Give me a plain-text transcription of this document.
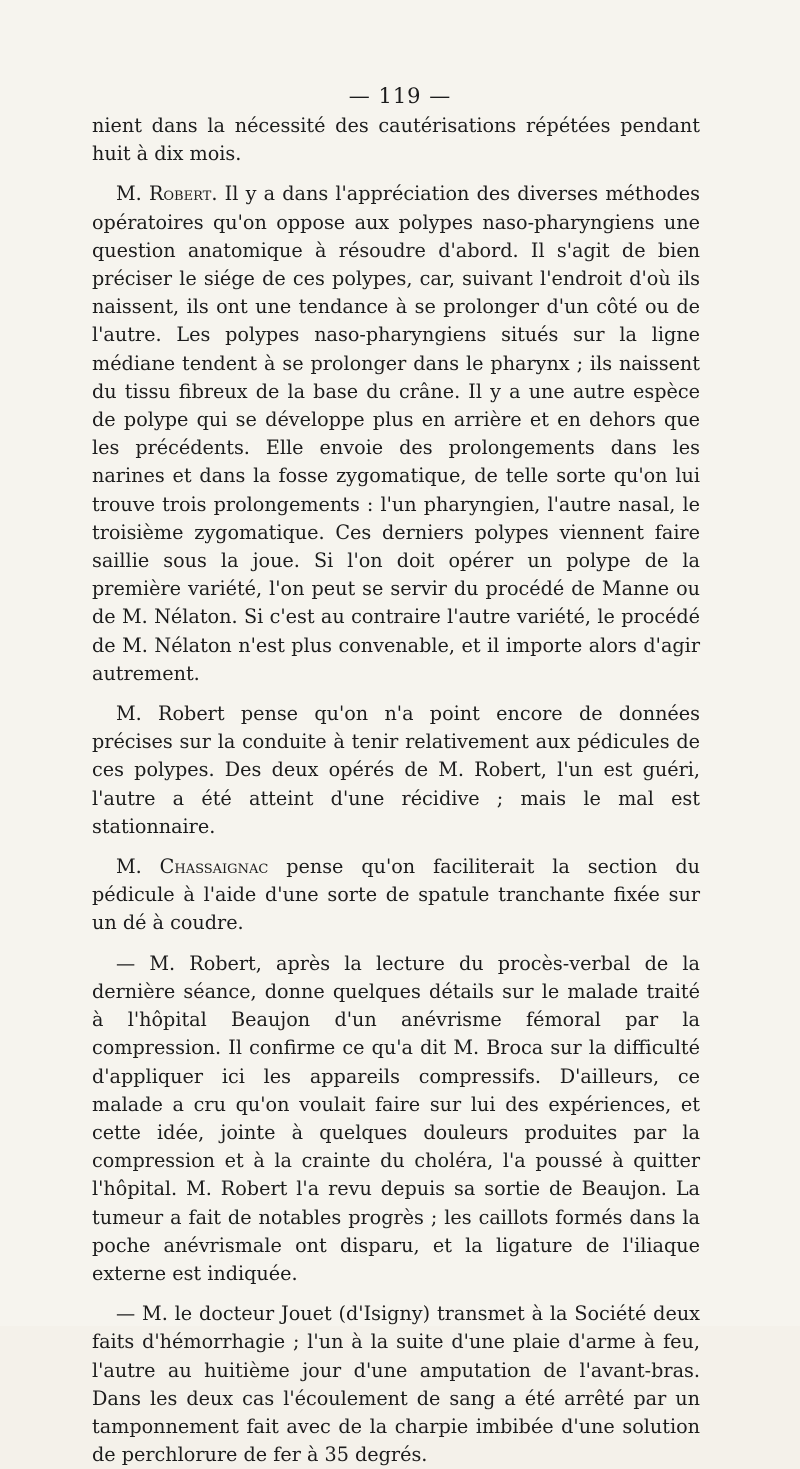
— 119 —

nient dans la nécessité des cautérisations répétées pendant huit à dix mois.

M. Robert. Il y a dans l'appréciation des diverses méthodes opératoires qu'on oppose aux polypes naso-pharyngiens une question anatomique à résoudre d'abord. Il s'agit de bien préciser le siége de ces polypes, car, suivant l'endroit d'où ils naissent, ils ont une tendance à se prolonger d'un côté ou de l'autre. Les polypes naso-pharyngiens situés sur la ligne médiane tendent à se prolonger dans le pharynx ; ils naissent du tissu fibreux de la base du crâne. Il y a une autre espèce de polype qui se développe plus en arrière et en dehors que les précédents. Elle envoie des prolongements dans les narines et dans la fosse zygomatique, de telle sorte qu'on lui trouve trois prolongements : l'un pharyngien, l'autre nasal, le troisième zygomatique. Ces derniers polypes viennent faire saillie sous la joue. Si l'on doit opérer un polype de la première variété, l'on peut se servir du procédé de Manne ou de M. Nélaton. Si c'est au contraire l'autre variété, le procédé de M. Nélaton n'est plus convenable, et il importe alors d'agir autrement.

M. Robert pense qu'on n'a point encore de données précises sur la conduite à tenir relativement aux pédicules de ces polypes. Des deux opérés de M. Robert, l'un est guéri, l'autre a été atteint d'une récidive ; mais le mal est stationnaire.

M. Chassaignac pense qu'on faciliterait la section du pédicule à l'aide d'une sorte de spatule tranchante fixée sur un dé à coudre.

— M. Robert, après la lecture du procès-verbal de la dernière séance, donne quelques détails sur le malade traité à l'hôpital Beaujon d'un anévrisme fémoral par la compression. Il confirme ce qu'a dit M. Broca sur la difficulté d'appliquer ici les appareils compressifs. D'ailleurs, ce malade a cru qu'on voulait faire sur lui des expériences, et cette idée, jointe à quelques douleurs produites par la compression et à la crainte du choléra, l'a poussé à quitter l'hôpital. M. Robert l'a revu depuis sa sortie de Beaujon. La tumeur a fait de notables progrès ; les caillots formés dans la poche anévrismale ont disparu, et la ligature de l'iliaque externe est indiquée.

— M. le docteur Jouet (d'Isigny) transmet à la Société deux faits d'hémorrhagie ; l'un à la suite d'une plaie d'arme à feu, l'autre au huitième jour d'une amputation de l'avant-bras. Dans les deux cas l'écoulement de sang a été arrêté par un tamponnement fait avec de la charpie imbibée d'une solution de perchlorure de fer à 35 degrés.
